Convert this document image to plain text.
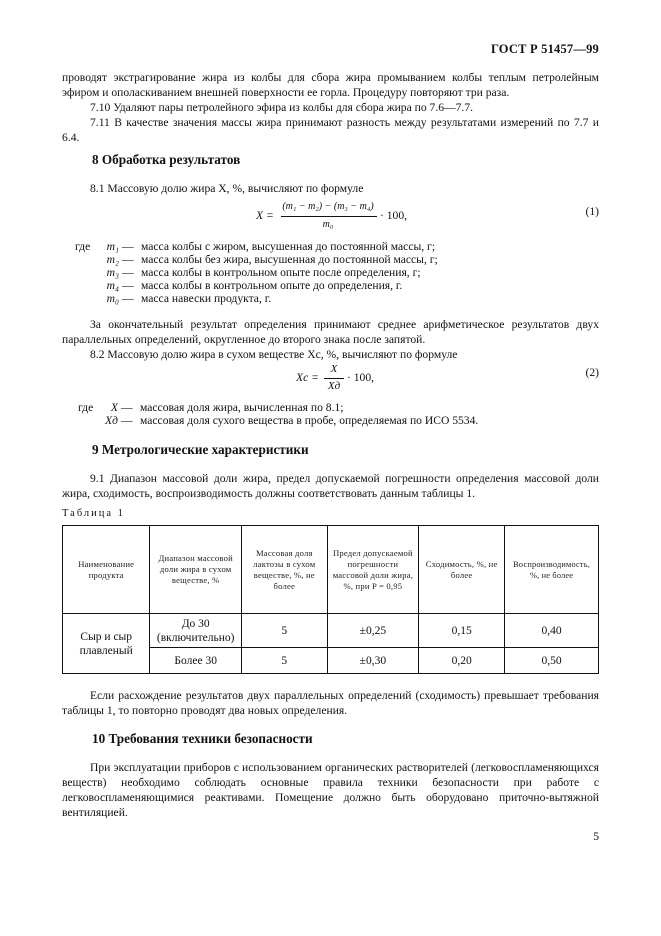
ГОСТ Р 51457—99

проводят экстрагирование жира из колбы для сбора жира промыванием колбы теплым петролейным эфиром и ополаскиванием внешней поверхности ее горла. Процедуру повторяют три раза.

7.10 Удаляют пары петролейного эфира из колбы для сбора жира по 7.6—7.7.

7.11 В качестве значения массы жира принимают разность между результатами измерений по 7.7 и 6.4.

8 Обработка результатов

8.1 Массовую долю жира X, %, вычисляют по формуле

X =
(m₁ − m₂) − (m₃ − m₄)
m₀
· 100,	(1)
где	m₁ — масса колбы с жиром, высушенная до постоянной массы, г;
m₂ — масса колбы без жира, высушенная до постоянной массы, г;
m₃ — масса колбы в контрольном опыте после определения, г;
m₄ — масса колбы в контрольном опыте до определения, г.
m₀ — масса навески продукта, г.

За окончательный результат определения принимают среднее арифметическое результатов двух параллельных определений, округленное до второго знака после запятой.

8.2 Массовую долю жира в сухом веществе Xс, %, вычисляют по формуле

Xс =
X
Xд
· 100,	(2)
где	X — массовая доля жира, вычисленная по 8.1;
Xд — массовая доля сухого вещества в пробе, определяемая по ИСО 5534.
9 Метрологические характеристики

9.1 Диапазон массовой доли жира, предел допускаемой погрешности определения массовой доли жира, сходимость, воспроизводимость должны соответствовать данным таблицы 1.

Таблица 1
Наименование продукта	Диапазон массовой доли жира в сухом веществе, %	Массовая доля лактозы в сухом веществе, %, не более	Предел допускаемой погрешности массовой доли жира, %, при P = 0,95	Сходимость, %, не более	Воспроизводимость, %, не более
Сыр и сыр плавленый	До 30 (включительно)	5	±0,25	0,15	0,40
	Более 30	5	±0,30	0,20	0,50

Если расхождение результатов двух параллельных определений (сходимость) превышает требования таблицы 1, то повторно проводят два новых определения.

10 Требования техники безопасности

При эксплуатации приборов с использованием органических растворителей (легковоспламеняющихся веществ) необходимо соблюдать основные правила техники безопасности при работе с легковоспламеняющимися реактивами. Помещение должно быть оборудовано приточно-вытяжной вентиляцией.

5
